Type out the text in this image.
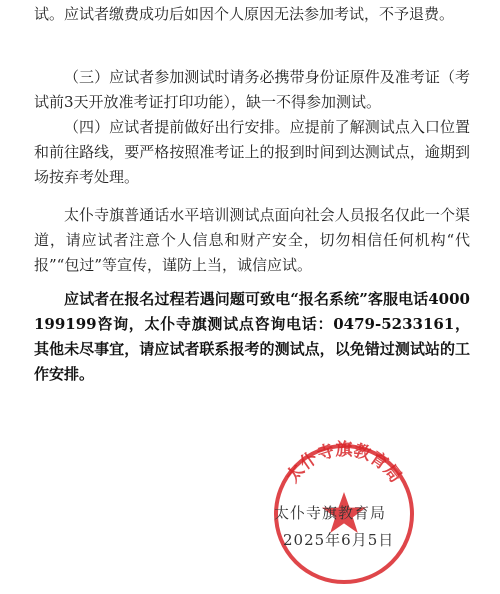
试。应试者缴费成功后如因个人原因无法参加考试，不予退费。

（三）应试者参加测试时请务必携带身份证原件及准考证（考试前3天开放准考证打印功能），缺一不得参加测试。

（四）应试者提前做好出行安排。应提前了解测试点入口位置和前往路线，要严格按照准考证上的报到时间到达测试点，逾期到场按弃考处理。

太仆寺旗普通话水平培训测试点面向社会人员报名仅此一个渠道，请应试者注意个人信息和财产安全，切勿相信任何机构“代报”“包过”等宣传，谨防上当，诚信应试。

应试者在报名过程若遇问题可致电“报名系统”客服电话4000199199咨询，太仆寺旗测试点咨询电话：0479-5233161，其他未尽事宜，请应试者联系报考的测试点，以免错过测试站的工作安排。

太仆寺旗教育局
太仆寺旗教育局
2025年6月5日
